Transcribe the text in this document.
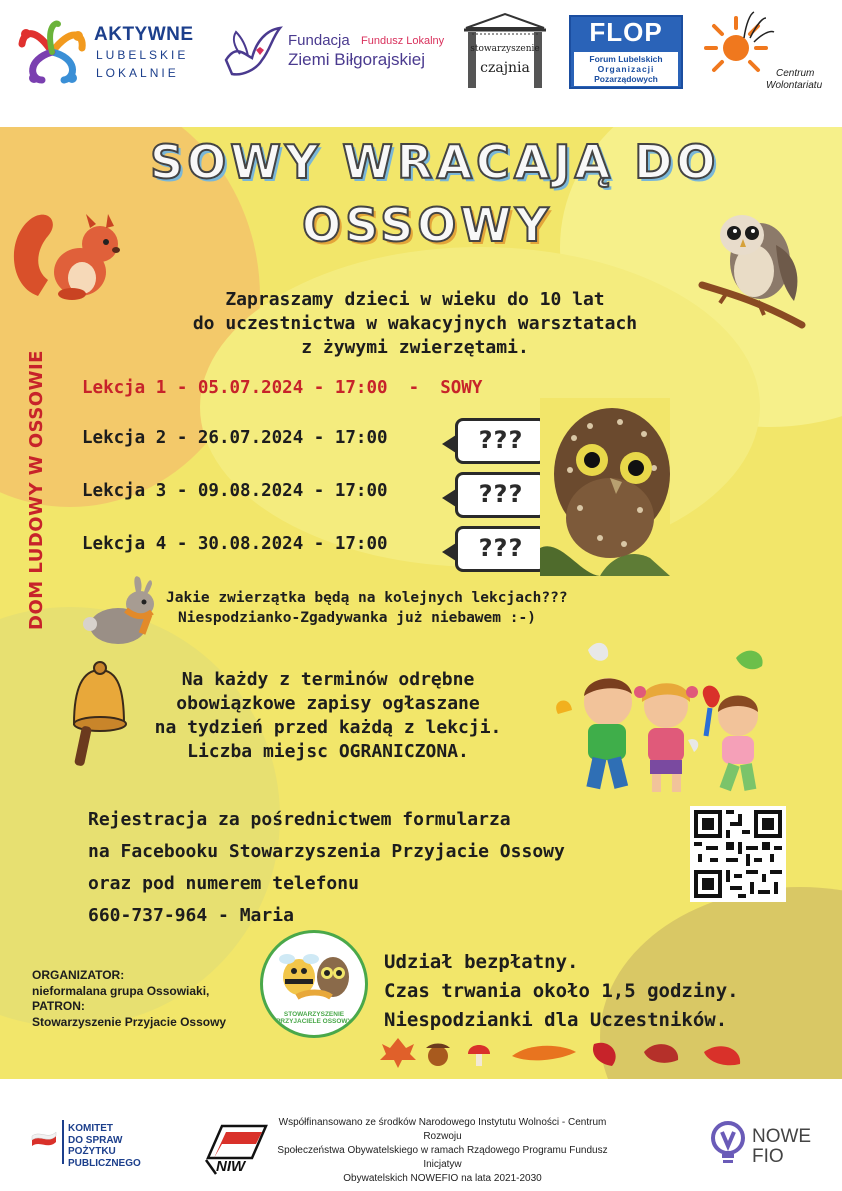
AKTYWNE
LUBELSKIE
LOKALNIE
Fundacja Fundusz Lokalny
Ziemi Biłgorajskiej
stowarzyszenie
czajnia
FLOP
Forum Lubelskich
Organizacji
Pozarządowych	Centrum
Wolontariatu
SOWY WRACAJĄ DO
OSSOWY
Zapraszamy dzieci w wieku do 10 lat
do uczestnictwa w wakacyjnych warsztatach
z żywymi zwierzętami.
DOM LUDOWY W OSSOWIE Lekcja 1 - 05.07.2024 - 17:00  -  SOWY
Lekcja 2 - 26.07.2024 - 17:00
Lekcja 3 - 09.08.2024 - 17:00
Lekcja 4 - 30.08.2024 - 17:00
???
???
???
Jakie zwierzątka będą na kolejnych lekcjach???
Niespodzianko-Zgadywanka już niebawem :-)
Na każdy z terminów odrębne
obowiązkowe zapisy ogłaszane
na tydzień przed każdą z lekcji.
Liczba miejsc OGRANICZONA.
Rejestracja za pośrednictwem formularza
na Facebooku Stowarzyszenia Przyjacie Ossowy
oraz pod numerem telefonu
660-737-964 - Maria
ORGANIZATOR:
nieformalana grupa Ossowiaki,
PATRON:
Stowarzyszenie Przyjacie Ossowy	STOWARZYSZENIE PRZYJACIELE OSSOWY
Udział bezpłatny.
Czas trwania około 1,5 godziny.
Niespodzianki dla Uczestników.
KOMITET
DO SPRAW
POŻYTKU
PUBLICZNEGO	NIW
Współfinansowano ze środków Narodowego Instytutu Wolności - Centrum Rozwoju
Społeczeństwa Obywatelskiego w ramach Rządowego Programu Fundusz Inicjatyw
Obywatelskich NOWEFIO na lata 2021-2030
NOWE
FIO
